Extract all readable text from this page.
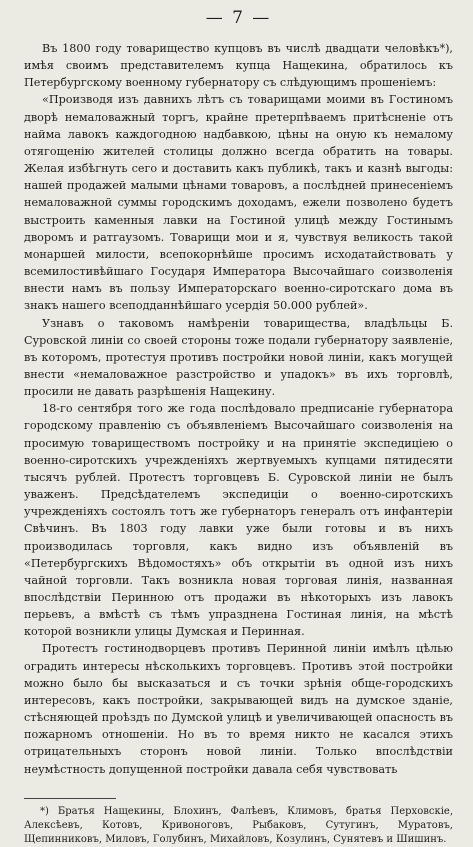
— 7 —

Въ 1800 году товарищество купцовъ въ числѣ двадцати человѣкъ*), имѣя своимъ представителемъ купца Нащекина, обратилось къ Петербургскому военному губернатору съ слѣдующимъ прошеніемъ:

«Производя изъ давнихъ лѣтъ съ товарищами моими въ Гостиномъ дворѣ немаловажный торгъ, крайне претерпѣваемъ притѣсненіе отъ найма лавокъ каждогодною надбавкою, цѣны на оную къ немалому отягощенію жителей столицы должно всегда обратить на товары. Желая избѣгнуть сего и доставить какъ публикѣ, такъ и казнѣ выгоды: нашей продажей малыми цѣнами товаровъ, а послѣдней принесеніемъ немаловажной суммы городскимъ доходамъ, ежели позволено будетъ выстроить каменныя лавки на Гостиной улицѣ между Гостинымъ дворомъ и ратгаузомъ. Товарищи мои и я, чувствуя великость такой монаршей милости, всепокорнѣйше просимъ исходатайствовать у всемилостивѣйшаго Государя Императора Высочайшаго соизволенія внести намъ въ пользу Императорскаго военно-сиротскаго дома въ знакъ нашего всеподданнѣйшаго усердія 50.000 рублей».

Узнавъ о таковомъ намѣреніи товарищества, владѣльцы Б. Суровской линіи со своей стороны тоже подали губернатору заявленіе, въ которомъ, протестуя противъ постройки новой линіи, какъ могущей внести «немаловажное разстройство и упадокъ» въ ихъ торговлѣ, просили не давать разрѣшенія Нащекину.

18-го сентября того же года послѣдовало предписаніе губернатора городскому правленію съ объявленіемъ Высочайшаго соизволенія на просимую товариществомъ постройку и на принятіе экспедиціею о военно-сиротскихъ учрежденіяхъ жертвуемыхъ купцами пятидесяти тысячъ рублей. Протестъ торговцевъ Б. Суровской линіи не былъ уваженъ. Предсѣдателемъ экспедиціи о военно-сиротскихъ учрежденіяхъ состоялъ тотъ же губернаторъ генералъ отъ инфантеріи Свѣчинъ. Въ 1803 году лавки уже были готовы и въ нихъ производилась торговля, какъ видно изъ объявленій въ «Петербургскихъ Вѣдомостяхъ» объ открытіи въ одной изъ нихъ чайной торговли. Такъ возникла новая торговая линія, названная впослѣдствіи Перинною отъ продажи въ нѣкоторыхъ изъ лавокъ перьевъ, а вмѣстѣ съ тѣмъ упразднена Гостиная линія, на мѣстѣ которой возникли улицы Думская и Перинная.

Протестъ гостинодворцевъ противъ Перинной линіи имѣлъ цѣлью оградить интересы нѣсколькихъ торговцевъ. Противъ этой постройки можно было бы высказаться и съ точки зрѣнія обще-городскихъ интересовъ, какъ постройки, закрывающей видъ на думское зданіе, стѣсняющей проѣздъ по Думской улицѣ и увеличивающей опасность въ пожарномъ отношеніи. Но въ то время никто не касался этихъ отрицательныхъ сторонъ новой линіи. Только впослѣдствіи неумѣстность допущенной постройки давала себя чувствовать

*) Братья Нащекины, Блохинъ, Фалѣевъ, Климовъ, братья Перховскіе, Алексѣевъ, Котовъ, Кривоноговъ, Рыбаковъ, Сутугинъ, Муратовъ, Щепинниковъ, Миловъ, Голубинъ, Михайловъ, Козулинъ, Сунятевъ и Шишинъ.
